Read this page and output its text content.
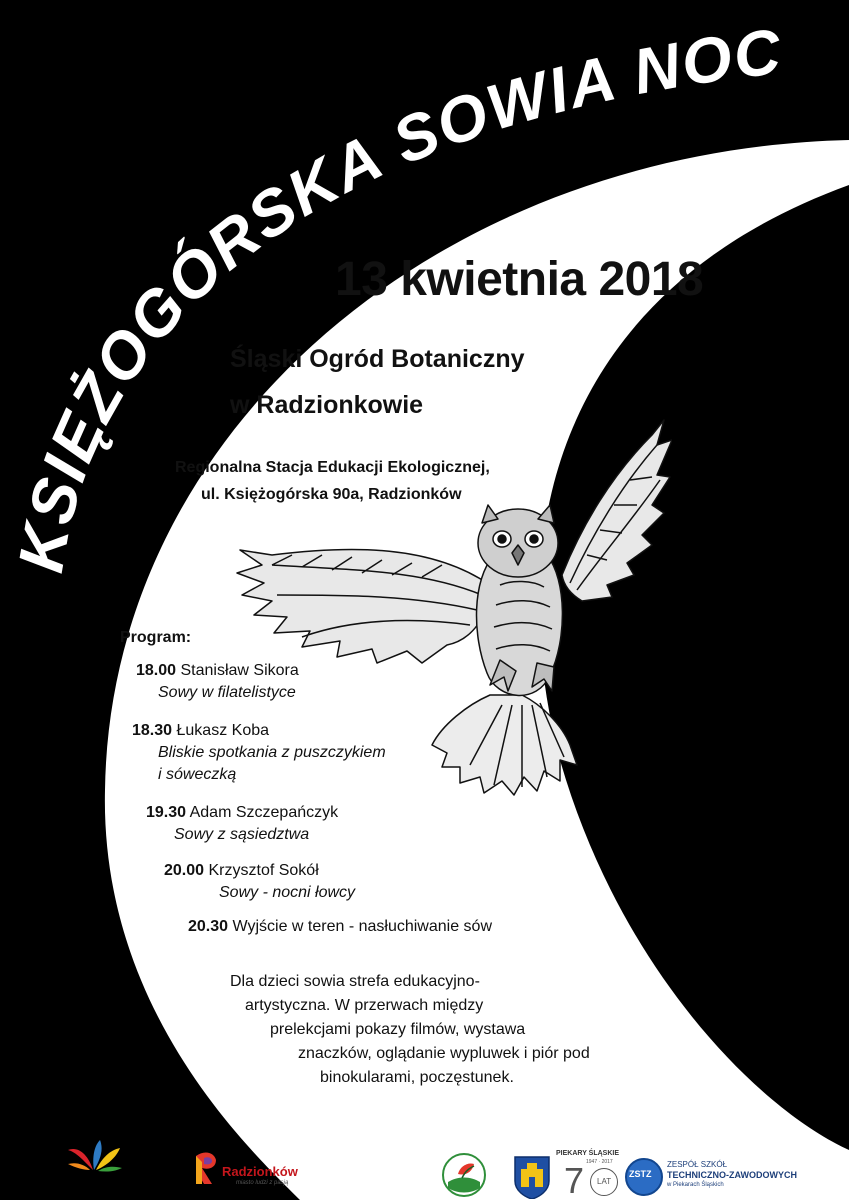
KSIĘŻOGÓRSKA SOWIA NOC

13 kwietnia 2018

Śląski Ogród Botaniczny

w Radzionkowie

Regionalna Stacja Edukacji Ekologicznej,

ul. Księżogórska 90a, Radzionków

Program:

18.00 Stanisław Sikora
Sowy w filatelistyce
18.30 Łukasz Koba
Bliskie spotkania z puszczykiem
i sóweczką
19.30 Adam Szczepańczyk
Sowy z sąsiedztwa
20.00 Krzysztof Sokół
Sowy - nocni łowcy
20.30 Wyjście w teren - nasłuchiwanie sów
Dla dzieci sowia strefa edukacyjno-
artystyczna. W przerwach między
prelekcjami pokazy filmów, wystawa
znaczków, oglądanie wypluwek i piór pod
binokularami, poczęstunek.
Śląski Ogród Botaniczny
w Radzionkowie
Radzionków
miasto ludzi z pasją
PIEKARY ŚLĄSKIE
1947 · 2017
7 LAT
ZSTZ
ZESPÓŁ SZKÓŁ
TECHNICZNO-ZAWODOWYCH
w Piekarach Śląskich
